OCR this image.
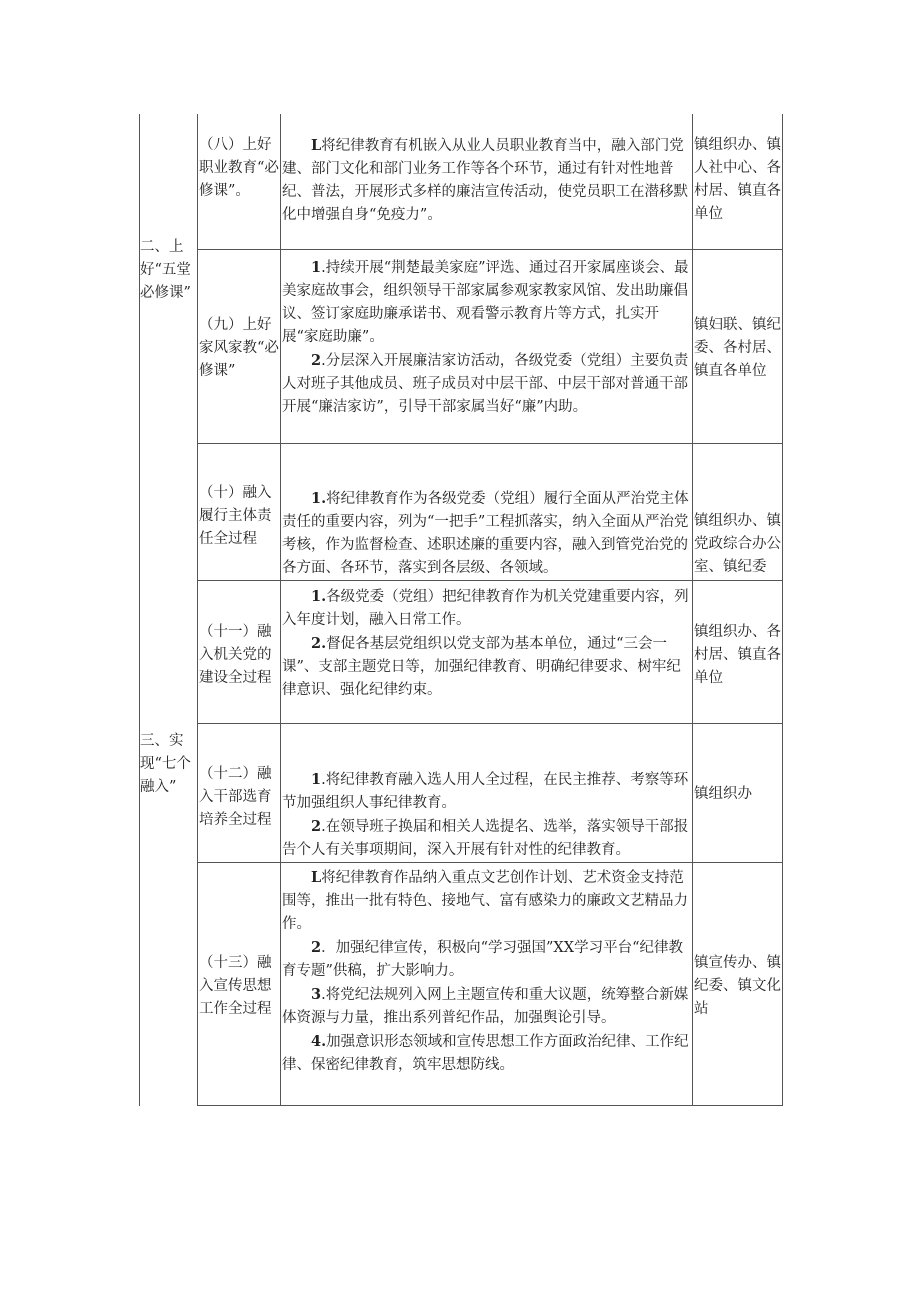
二、上好“五堂必修课”
（八）上好职业教育“必修课”。

L将纪律教育有机嵌入从业人员职业教育当中，融入部门党建、部门文化和部门业务工作等各个环节，通过有针对性地普纪、普法，开展形式多样的廉洁宣传活动，使党员职工在潜移默化中增强自身“免疫力”。

镇组织办、镇人社中心、各村居、镇直各单位
（九）上好家风家教“必修课”

1.持续开展“荆楚最美家庭”评选、通过召开家属座谈会、最美家庭故事会，组织领导干部家属参观家教家风馆、发出助廉倡议、签订家庭助廉承诺书、观看警示教育片等方式，扎实开展“家庭助廉”。

2.分层深入开展廉洁家访活动，各级党委（党组）主要负责人对班子其他成员、班子成员对中层干部、中层干部对普通干部开展“廉洁家访”，引导干部家属当好“廉”内助。

镇妇联、镇纪委、各村居、镇直各单位
三、实现“七个融入”
（十）融入履行主体责任全过程

1.将纪律教育作为各级党委（党组）履行全面从严治党主体责任的重要内容，列为“一把手”工程抓落实，纳入全面从严治党考核，作为监督检查、述职述廉的重要内容，融入到管党治党的各方面、各环节，落实到各层级、各领域。

镇组织办、镇党政综合办公室、镇纪委
（十一）融入机关党的建设全过程

1.各级党委（党组）把纪律教育作为机关党建重要内容，列入年度计划，融入日常工作。

2.督促各基层党组织以党支部为基本单位，通过“三会一课”、支部主题党日等，加强纪律教育、明确纪律要求、树牢纪律意识、强化纪律约束。

镇组织办、各村居、镇直各单位
（十二）融入干部选育培养全过程

1.将纪律教育融入选人用人全过程，在民主推荐、考察等环节加强组织人事纪律教育。

2.在领导班子换届和相关人选提名、选举，落实领导干部报告个人有关事项期间，深入开展有针对性的纪律教育。

镇组织办
（十三）融入宣传思想工作全过程

L将纪律教育作品纳入重点文艺创作计划、艺术资金支持范围等，推出一批有特色、接地气、富有感染力的廉政文艺精品力作。

2．加强纪律宣传，积极向“学习强国”XX学习平台“纪律教育专题”供稿，扩大影响力。

3.将党纪法规列入网上主题宣传和重大议题，统筹整合新媒体资源与力量，推出系列普纪作品，加强舆论引导。

4.加强意识形态领域和宣传思想工作方面政治纪律、工作纪律、保密纪律教育，筑牢思想防线。

镇宣传办、镇纪委、镇文化站
